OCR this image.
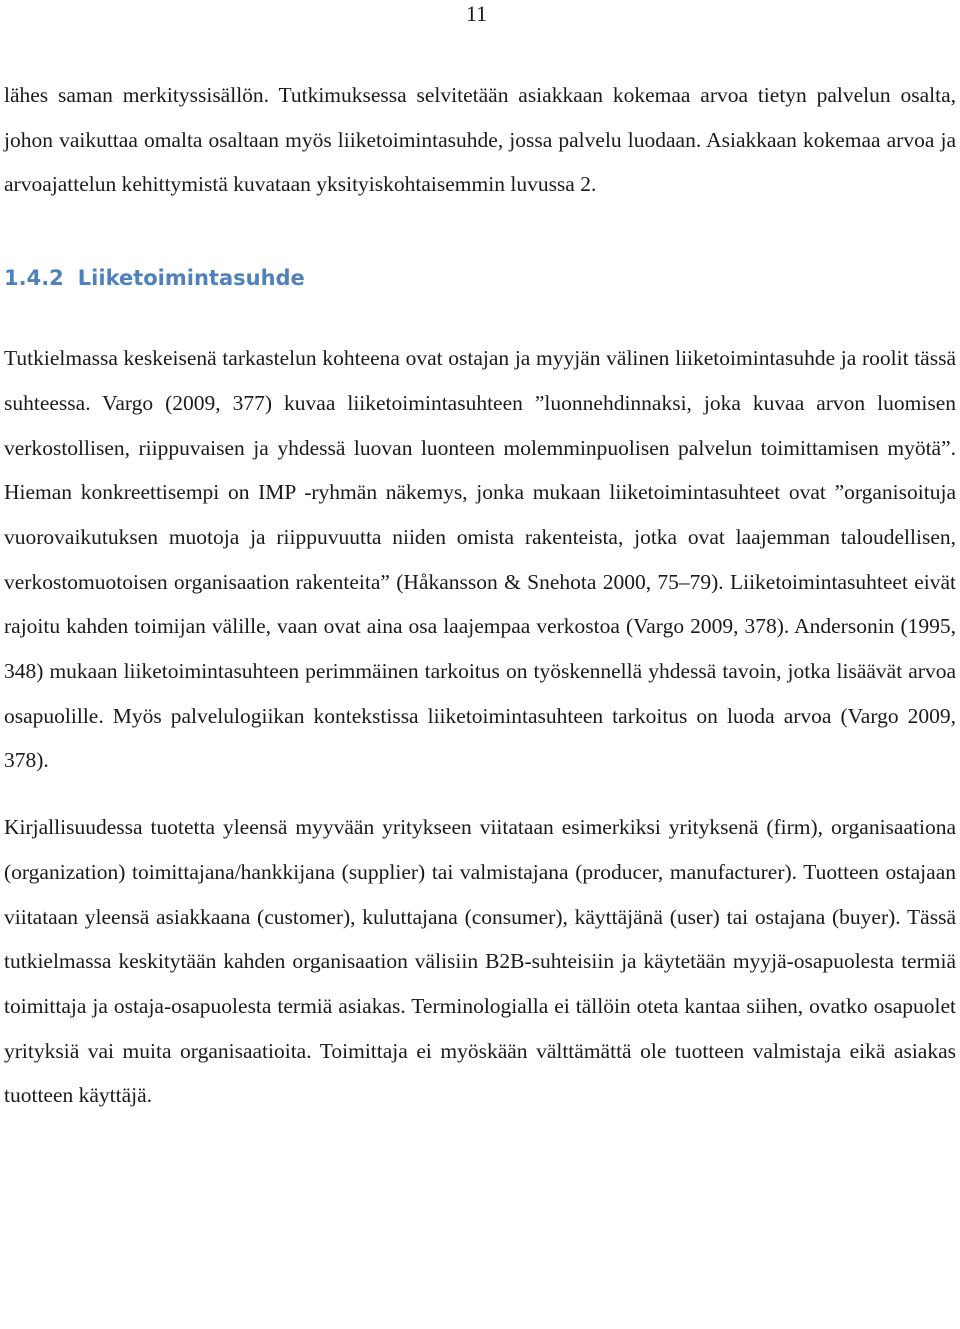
11

lähes saman merkityssisällön. Tutkimuksessa selvitetään asiakkaan kokemaa arvoa tietyn palvelun osalta, johon vaikuttaa omalta osaltaan myös liiketoimintasuhde, jossa palvelu luodaan. Asiakkaan kokemaa arvoa ja arvoajattelun kehittymistä kuvataan yksityiskohtaisemmin luvussa 2.

1.4.2 Liiketoimintasuhde

Tutkielmassa keskeisenä tarkastelun kohteena ovat ostajan ja myyjän välinen liiketoimintasuhde ja roolit tässä suhteessa. Vargo (2009, 377) kuvaa liiketoimintasuhteen ”luonnehdinnaksi, joka kuvaa arvon luomisen verkostollisen, riippuvaisen ja yhdessä luovan luonteen molemminpuolisen palvelun toimittamisen myötä”. Hieman konkreettisempi on IMP -ryhmän näkemys, jonka mukaan liiketoimintasuhteet ovat ”organisoituja vuorovaikutuksen muotoja ja riippuvuutta niiden omista rakenteista, jotka ovat laajemman taloudellisen, verkostomuotoisen organisaation rakenteita” (Håkansson & Snehota 2000, 75–79). Liiketoimintasuhteet eivät rajoitu kahden toimijan välille, vaan ovat aina osa laajempaa verkostoa (Vargo 2009, 378). Andersonin (1995, 348) mukaan liiketoimintasuhteen perimmäinen tarkoitus on työskennellä yhdessä tavoin, jotka lisäävät arvoa osapuolille. Myös palvelulogiikan kontekstissa liiketoimintasuhteen tarkoitus on luoda arvoa (Vargo 2009, 378).

Kirjallisuudessa tuotetta yleensä myyvään yritykseen viitataan esimerkiksi yrityksenä (firm), organisaationa (organization) toimittajana/hankkijana (supplier) tai valmistajana (producer, manufacturer). Tuotteen ostajaan viitataan yleensä asiakkaana (customer), kuluttajana (consumer), käyttäjänä (user) tai ostajana (buyer). Tässä tutkielmassa keskitytään kahden organisaation välisiin B2B-suhteisiin ja käytetään myyjä-osapuolesta termiä toimittaja ja ostaja-osapuolesta termiä asiakas. Terminologialla ei tällöin oteta kantaa siihen, ovatko osapuolet yrityksiä vai muita organisaatioita. Toimittaja ei myöskään välttämättä ole tuotteen valmistaja eikä asiakas tuotteen käyttäjä.
